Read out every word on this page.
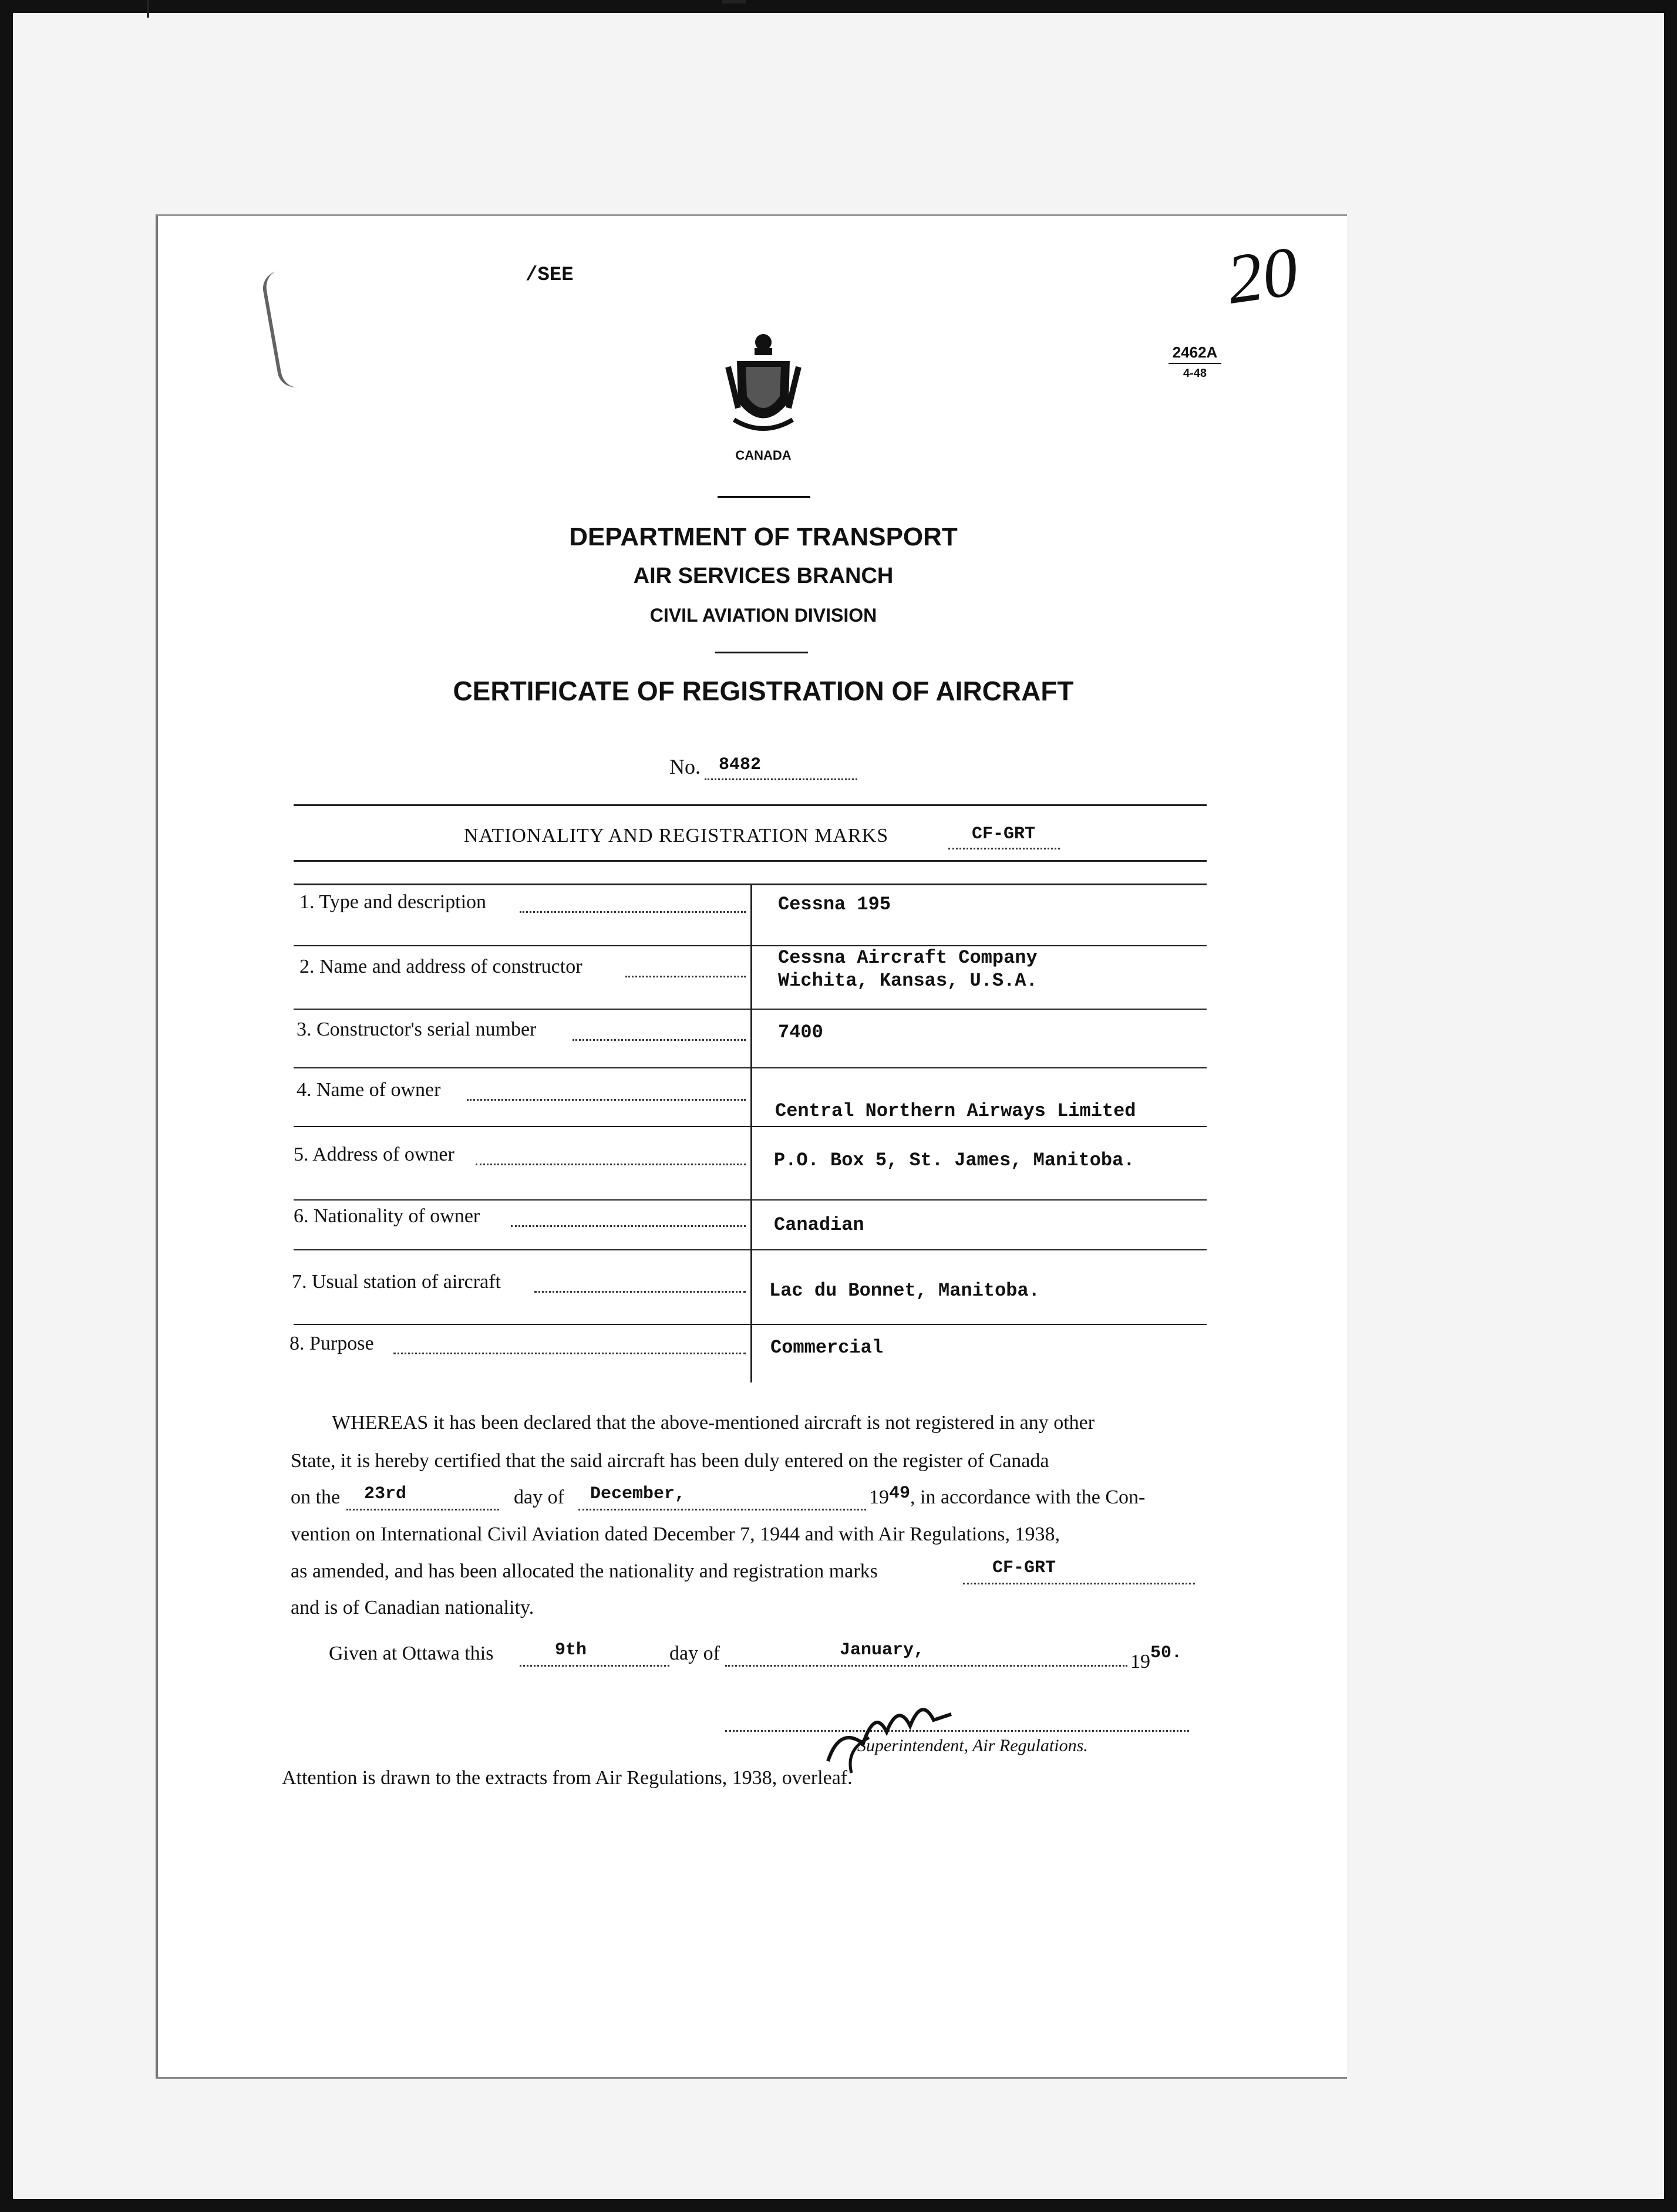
/SEE	20
2462A
4-48
CANADA
DEPARTMENT OF TRANSPORT
AIR SERVICES BRANCH
CIVIL AVIATION DIVISION
CERTIFICATE OF REGISTRATION OF AIRCRAFT
No. 8482
NATIONALITY AND REGISTRATION MARKS	CF-GRT
1. Type and description	Cessna 195
2. Name and address of constructor	Cessna Aircraft Company
Wichita, Kansas, U.S.A.
3. Constructor's serial number	7400
4. Name of owner
Central Northern Airways Limited
5. Address of owner	P.O. Box 5, St. James, Manitoba.
6. Nationality of owner	Canadian
7. Usual station of aircraft	Lac du Bonnet, Manitoba.
8. Purpose	Commercial
WHEREAS it has been declared that the above-mentioned aircraft is not registered in any other
State, it is hereby certified that the said aircraft has been duly entered on the register of Canada
on the 23rd	day of December,	1949, in accordance with the Con-
vention on International Civil Aviation dated December 7, 1944 and with Air Regulations, 1938,
as amended, and has been allocated the nationality and registration marks	CF-GRT
and is of Canadian nationality.
Given at Ottawa this	9th	day of	January,
1950.
Superintendent, Air Regulations.
Attention is drawn to the extracts from Air Regulations, 1938, overleaf.
